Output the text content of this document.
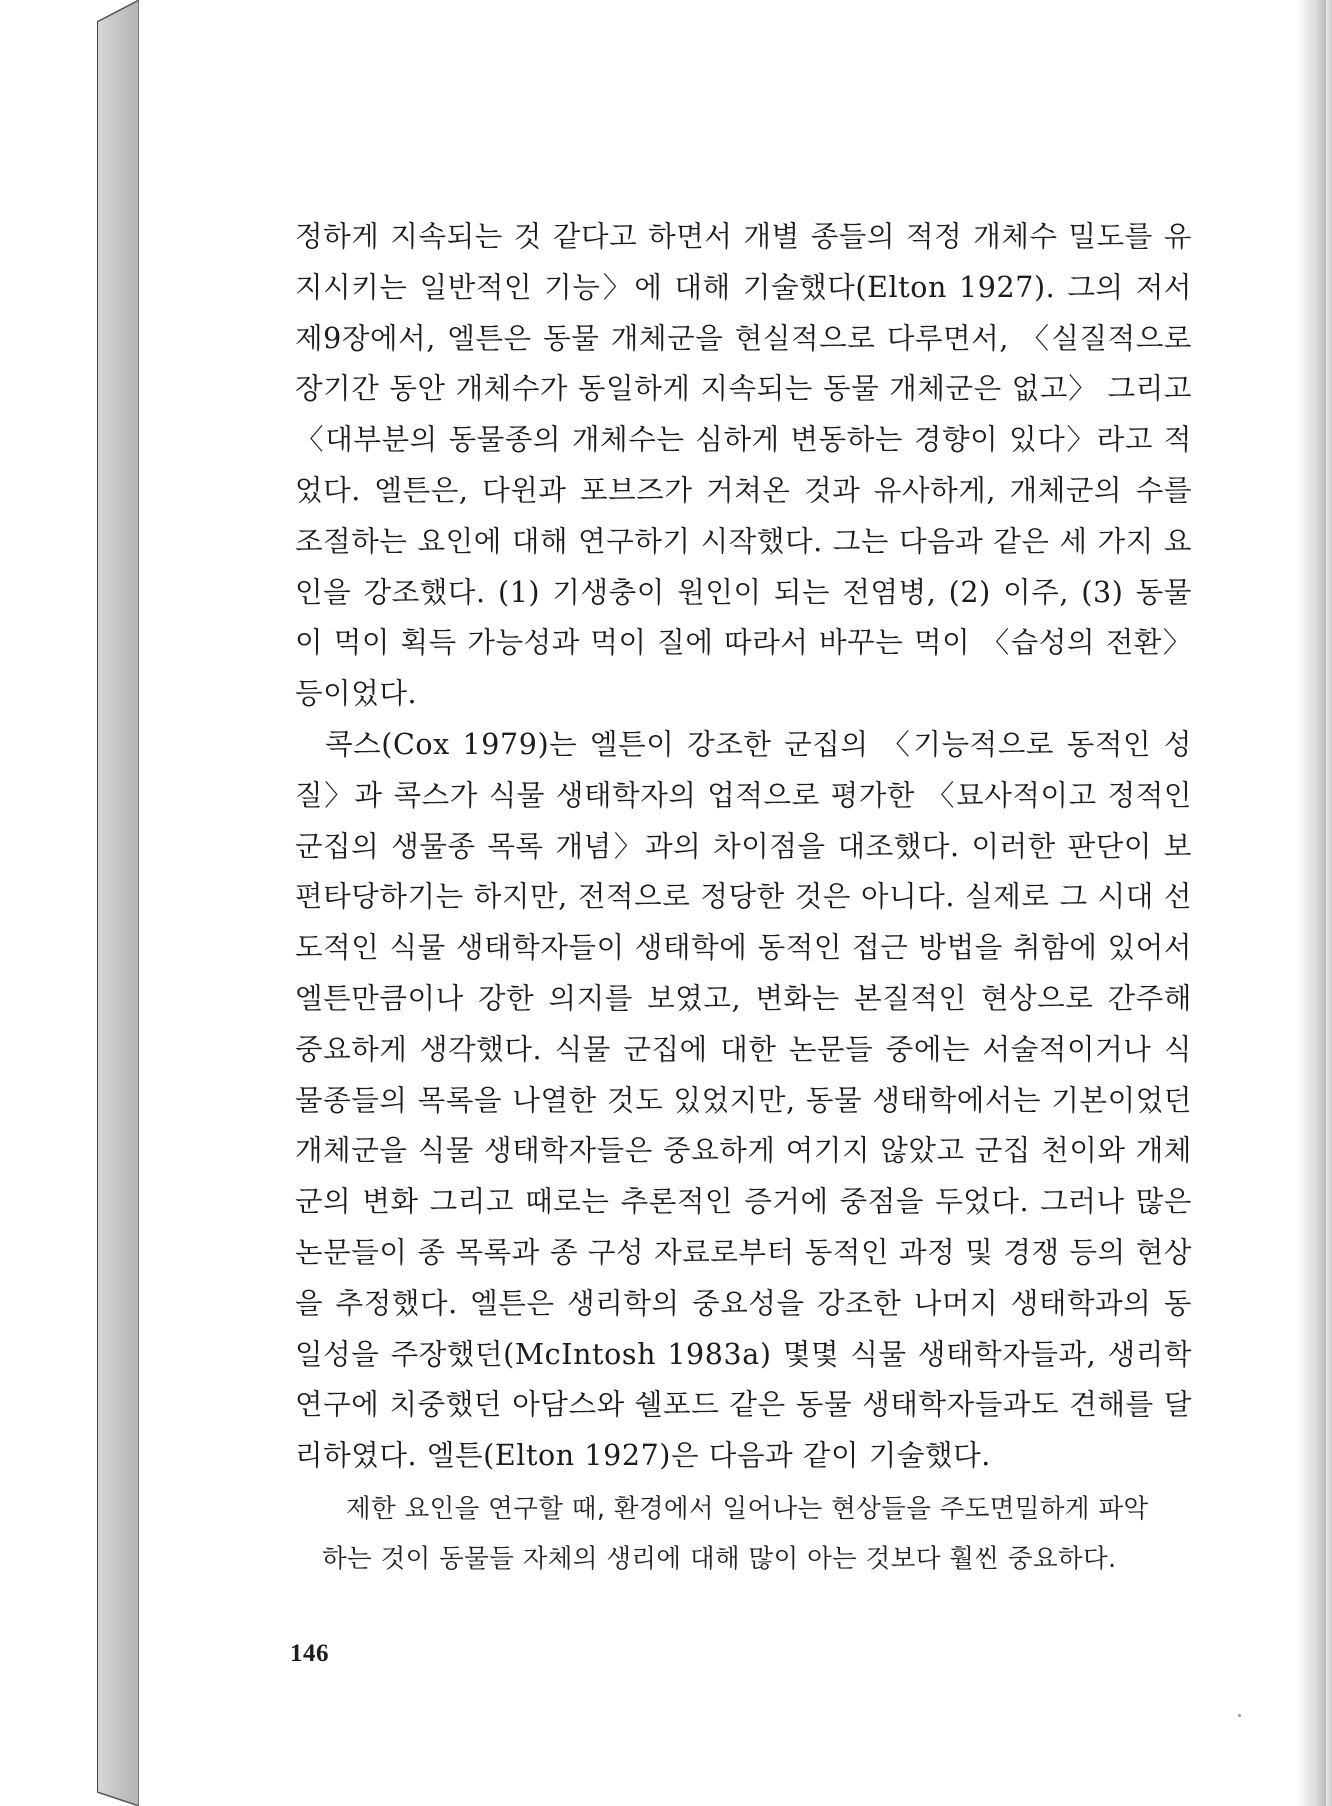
정하게 지속되는 것 같다고 하면서 개별 종들의 적정 개체수 밀도를 유지시키는 일반적인 기능〉에 대해 기술했다(Elton 1927). 그의 저서 제9장에서, 엘튼은 동물 개체군을 현실적으로 다루면서, 〈실질적으로 장기간 동안 개체수가 동일하게 지속되는 동물 개체군은 없고〉 그리고 〈대부분의 동물종의 개체수는 심하게 변동하는 경향이 있다〉라고 적었다. 엘튼은, 다윈과 포브즈가 거쳐온 것과 유사하게, 개체군의 수를 조절하는 요인에 대해 연구하기 시작했다. 그는 다음과 같은 세 가지 요인을 강조했다. (1) 기생충이 원인이 되는 전염병, (2) 이주, (3) 동물이 먹이 획득 가능성과 먹이 질에 따라서 바꾸는 먹이 〈습성의 전환〉 등이었다.

콕스(Cox 1979)는 엘튼이 강조한 군집의 〈기능적으로 동적인 성질〉과 콕스가 식물 생태학자의 업적으로 평가한 〈묘사적이고 정적인 군집의 생물종 목록 개념〉과의 차이점을 대조했다. 이러한 판단이 보편타당하기는 하지만, 전적으로 정당한 것은 아니다. 실제로 그 시대 선도적인 식물 생태학자들이 생태학에 동적인 접근 방법을 취함에 있어서 엘튼만큼이나 강한 의지를 보였고, 변화는 본질적인 현상으로 간주해 중요하게 생각했다. 식물 군집에 대한 논문들 중에는 서술적이거나 식물종들의 목록을 나열한 것도 있었지만, 동물 생태학에서는 기본이었던 개체군을 식물 생태학자들은 중요하게 여기지 않았고 군집 천이와 개체군의 변화 그리고 때로는 추론적인 증거에 중점을 두었다. 그러나 많은 논문들이 종 목록과 종 구성 자료로부터 동적인 과정 및 경쟁 등의 현상을 추정했다. 엘튼은 생리학의 중요성을 강조한 나머지 생태학과의 동일성을 주장했던(McIntosh 1983a) 몇몇 식물 생태학자들과, 생리학 연구에 치중했던 아담스와 쉘포드 같은 동물 생태학자들과도 견해를 달리하였다. 엘튼(Elton 1927)은 다음과 같이 기술했다.

제한 요인을 연구할 때, 환경에서 일어나는 현상들을 주도면밀하게 파악
하는 것이 동물들 자체의 생리에 대해 많이 아는 것보다 훨씬 중요하다.
146
